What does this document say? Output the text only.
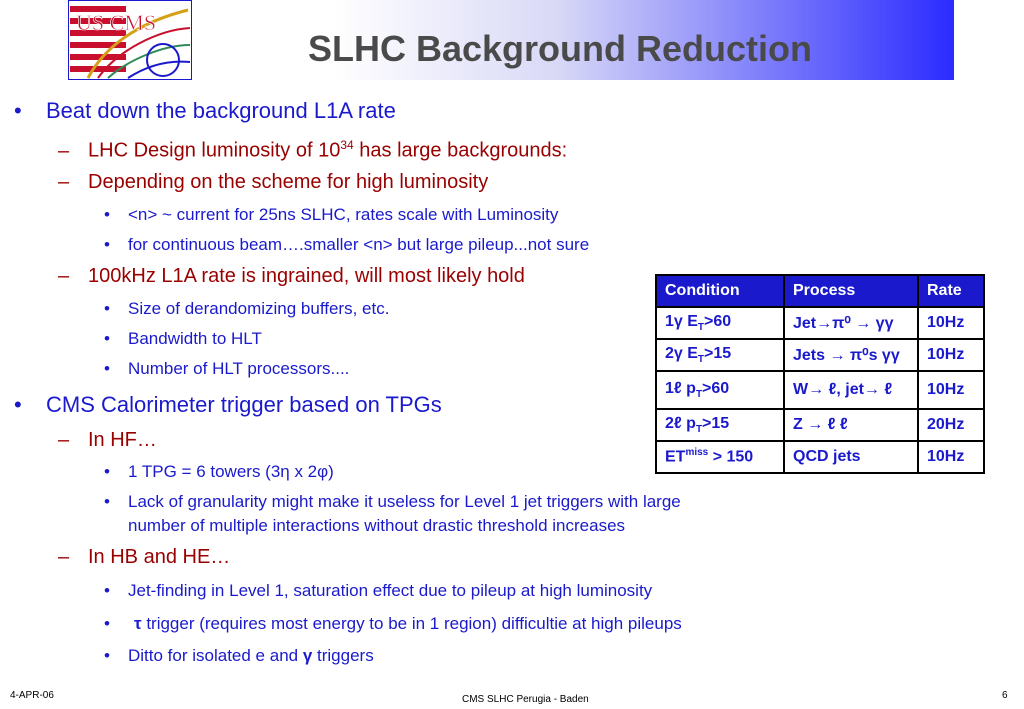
US CMS
SLHC Background Reduction
• Beat down the background L1A rate
– LHC Design luminosity of $10^{34}$ has large backgrounds:
– Depending on the scheme for high luminosity
• <n> ~ current for 25ns SLHC, rates scale with Luminosity
• for continuous beam….smaller <n> but large pileup...not sure
– 100kHz L1A rate is ingrained, will most likely hold
• Size of derandomizing buffers, etc.
• Bandwidth to HLT
• Number of HLT processors....
• CMS Calorimeter trigger based on TPGs
– In HF…
• 1 TPG = 6 towers (3η x 2φ)
• Lack of granularity might make it useless for Level 1 jet triggers with large
number of multiple interactions without drastic threshold increases
– In HB and HE…
• Jet-finding in Level 1, saturation effect due to pileup at high luminosity
• τ trigger (requires most energy to be in 1 region) difficultie at high pileups
• Ditto for isolated e and γ triggers
Condition	Process	Rate
1γ $E_T>60$	Jet→π⁰ → γγ	10Hz
2γ $E_T>15$	Jets → π⁰s γγ	10Hz
1ℓ $p_T>60$	W→ ℓ, jet→ ℓ	10Hz
2ℓ $p_T>15$	Z → ℓ ℓ	20Hz
$ET^{miss} > 150$	QCD jets	10Hz
4-APR-06	CMS SLHC Perugia - Baden	6
